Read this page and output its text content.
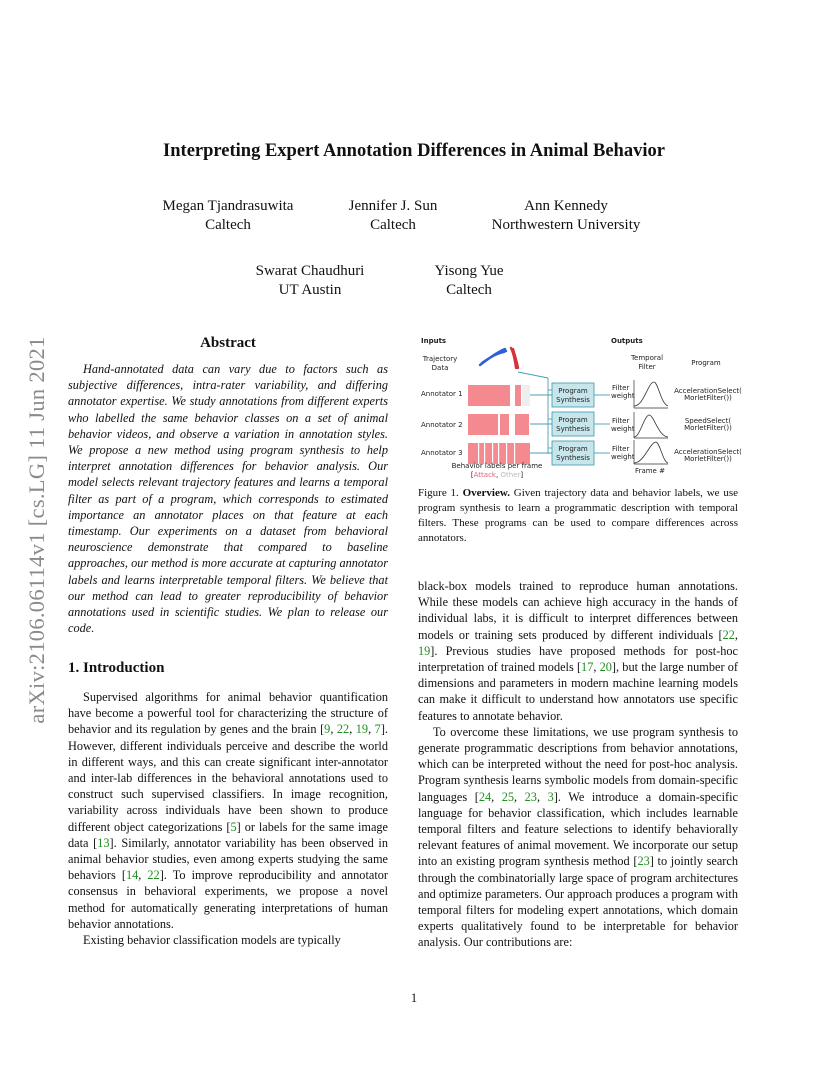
arXiv:2106.06114v1 [cs.LG] 11 Jun 2021
Interpreting Expert Annotation Differences in Animal Behavior
Megan Tjandrasuwita
Caltech
Jennifer J. Sun
Caltech
Ann Kennedy
Northwestern University
Swarat Chaudhuri
UT Austin
Yisong Yue
Caltech
Abstract

Hand-annotated data can vary due to factors such as subjective differences, intra-rater variability, and differing annotator expertise. We study annotations from different experts who labelled the same behavior classes on a set of animal behavior videos, and observe a variation in annotation styles. We propose a new method using program synthesis to help interpret annotation differences for behavior analysis. Our model selects relevant trajectory features and learns a temporal filter as part of a program, which corresponds to estimated importance an annotator places on that feature at each timestamp. Our experiments on a dataset from behavioral neuroscience demonstrate that compared to baseline approaches, our method is more accurate at capturing annotator labels and learns interpretable temporal filters. We believe that our method can lead to greater reproducibility of behavior annotations used in scientific studies. We plan to release our code.

1. Introduction

Supervised algorithms for animal behavior quantification have become a powerful tool for characterizing the structure of behavior and its regulation by genes and the brain [9, 22, 19, 7]. However, different individuals perceive and describe the world in different ways, and this can create significant inter-annotator and inter-lab differences in the behavioral annotations used to construct such supervised classifiers. In image recognition, variability across individuals have been shown to produce different object categorizations [5] or labels for the same image data [13]. Similarly, annotator variability has been observed in animal behavior studies, even among experts studying the same behaviors [14, 22]. To improve reproducibility and annotator consensus in behavioral experiments, we propose a novel method for automatically generating interpretations of human behavior annotations.

Existing behavior classification models are typically

Inputs	Outputs
Trajectory
Data
Temporal
Filter	Program
Annotator 1
Annotator 2
Annotator 3
Behavior labels per frame
[Attack, Other]
Program
Synthesis
Program
Synthesis
Program
Synthesis
Filter
weight
Filter
weight
Filter
weight
Frame #
AccelerationSelect(
MorletFilter())
SpeedSelect(
MorletFilter())
AccelerationSelect(
MorletFilter())
Figure 1. Overview. Given trajectory data and behavior labels, we use program synthesis to learn a programmatic description with temporal filters. These programs can be used to compare differences across annotators.

black-box models trained to reproduce human annotations. While these models can achieve high accuracy in the hands of individual labs, it is difficult to interpret differences between models or training sets produced by different individuals [22, 19]. Previous studies have proposed methods for post-hoc interpretation of trained models [17, 20], but the large number of dimensions and parameters in modern machine learning models can make it difficult to understand how annotators use specific features to annotate behavior.

To overcome these limitations, we use program synthesis to generate programmatic descriptions from behavior annotations, which can be interpreted without the need for post-hoc analysis. Program synthesis learns symbolic models from domain-specific languages [24, 25, 23, 3]. We introduce a domain-specific language for behavior classification, which includes learnable temporal filters and feature selections to identify behaviorally relevant features of animal movement. We incorporate our setup into an existing program synthesis method [23] to jointly search through the combinatorially large space of program architectures and optimize parameters. Our approach produces a program with temporal filters for modeling expert annotations, which domain experts qualitatively found to be interpretable for behavior analysis. Our contributions are:

1
